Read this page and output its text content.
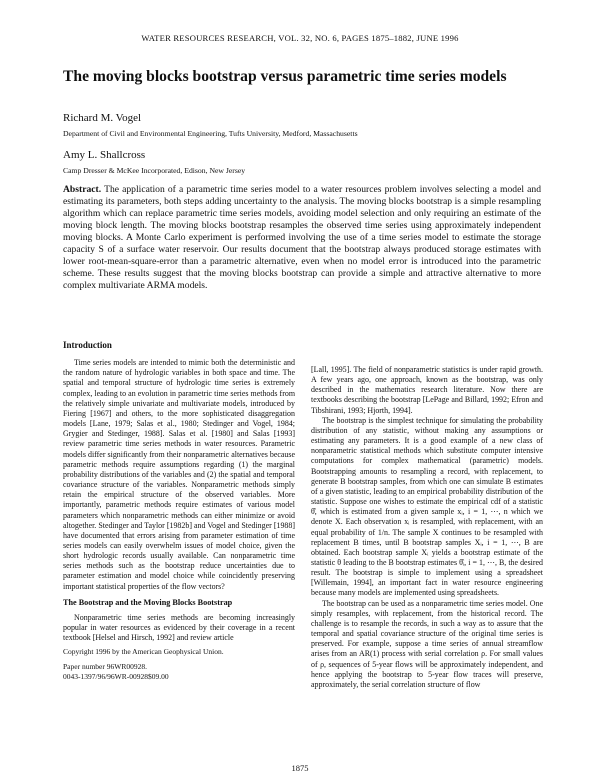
WATER RESOURCES RESEARCH, VOL. 32, NO. 6, PAGES 1875–1882, JUNE 1996
The moving blocks bootstrap versus parametric time series models
Richard M. Vogel
Department of Civil and Environmental Engineering, Tufts University, Medford, Massachusetts
Amy L. Shallcross
Camp Dresser & McKee Incorporated, Edison, New Jersey

Abstract. The application of a parametric time series model to a water resources problem involves selecting a model and estimating its parameters, both steps adding uncertainty to the analysis. The moving blocks bootstrap is a simple resampling algorithm which can replace parametric time series models, avoiding model selection and only requiring an estimate of the moving block length. The moving blocks bootstrap resamples the observed time series using approximately independent moving blocks. A Monte Carlo experiment is performed involving the use of a time series model to estimate the storage capacity S of a surface water reservoir. Our results document that the bootstrap always produced storage estimates with lower root-mean-square-error than a parametric alternative, even when no model error is introduced into the parametric scheme. These results suggest that the moving blocks bootstrap can provide a simple and attractive alternative to more complex multivariate ARMA models.

Introduction

Time series models are intended to mimic both the deterministic and the random nature of hydrologic variables in both space and time. The spatial and temporal structure of hydrologic time series is extremely complex, leading to an evolution in parametric time series methods from the relatively simple univariate and multivariate models, introduced by Fiering [1967] and others, to the more sophisticated disaggregation models [Lane, 1979; Salas et al., 1980; Stedinger and Vogel, 1984; Grygier and Stedinger, 1988]. Salas et al. [1980] and Salas [1993] review parametric time series methods in water resources. Parametric models differ significantly from their nonparametric alternatives because parametric methods require assumptions regarding (1) the marginal probability distributions of the variables and (2) the spatial and temporal covariance structure of the variables. Nonparametric methods simply retain the empirical structure of the observed variables. More importantly, parametric methods require estimates of various model parameters which nonparametric methods can either minimize or avoid altogether. Stedinger and Taylor [1982b] and Vogel and Stedinger [1988] have documented that errors arising from parameter estimation of time series models can easily overwhelm issues of model choice, given the short hydrologic records usually available. Can nonparametric time series methods such as the bootstrap reduce uncertainties due to parameter estimation and model choice while coincidently preserving important statistical properties of the flow vectors?

The Bootstrap and the Moving Blocks Bootstrap

Nonparametric time series methods are becoming increasingly popular in water resources as evidenced by their coverage in a recent textbook [Helsel and Hirsch, 1992] and review article

Copyright 1996 by the American Geophysical Union.
Paper number 96WR00928.
0043-1397/96/96WR-00928$09.00

[Lall, 1995]. The field of nonparametric statistics is under rapid growth. A few years ago, one approach, known as the bootstrap, was only described in the mathematics research literature. Now there are textbooks describing the bootstrap [LePage and Billard, 1992; Efron and Tibshirani, 1993; Hjorth, 1994].

The bootstrap is the simplest technique for simulating the probability distribution of any statistic, without making any assumptions or estimating any parameters. It is a good example of a new class of nonparametric statistical methods which substitute computer intensive computations for complex mathematical (parametric) models. Bootstrapping amounts to resampling a record, with replacement, to generate B bootstrap samples, from which one can simulate B estimates of a given statistic, leading to an empirical probability distribution of the statistic. Suppose one wishes to estimate the empirical cdf of a statistic θ̂, which is estimated from a given sample xᵢ, i = 1, ⋯, n which we denote X. Each observation xᵢ is resampled, with replacement, with an equal probability of 1/n. The sample X continues to be resampled with replacement B times, until B bootstrap samples Xᵢ, i = 1, ⋯, B are obtained. Each bootstrap sample Xᵢ yields a bootstrap estimate of the statistic θ leading to the B bootstrap estimates θ̂ᵢ, i = 1, ⋯, B, the desired result. The bootstrap is simple to implement using a spreadsheet [Willemain, 1994], an important fact in water resource engineering because many models are implemented using spreadsheets.

The bootstrap can be used as a nonparametric time series model. One simply resamples, with replacement, from the historical record. The challenge is to resample the records, in such a way as to assure that the temporal and spatial covariance structure of the original time series is preserved. For example, suppose a time series of annual streamflow arises from an AR(1) process with serial correlation ρ. For small values of ρ, sequences of 5-year flows will be approximately independent, and hence applying the bootstrap to 5-year flow traces will preserve, approximately, the serial correlation structure of flow

1875
